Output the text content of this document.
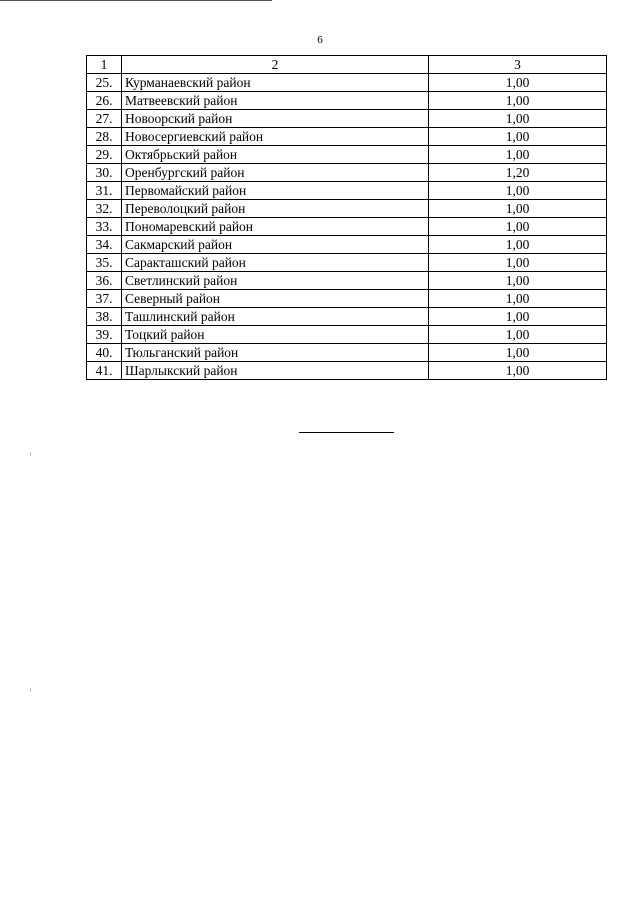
6
1	2	3
25.	Курманаевский район	1,00
26.	Матвеевский район	1,00
27.	Новоорский район	1,00
28.	Новосергиевский район	1,00
29.	Октябрьский район	1,00
30.	Оренбургский район	1,20
31.	Первомайский район	1,00
32.	Переволоцкий район	1,00
33.	Пономаревский район	1,00
34.	Сакмарский район	1,00
35.	Саракташский район	1,00
36.	Светлинский район	1,00
37.	Северный район	1,00
38.	Ташлинский район	1,00
39.	Тоцкий район	1,00
40.	Тюльганский район	1,00
41.	Шарлыкский район	1,00
